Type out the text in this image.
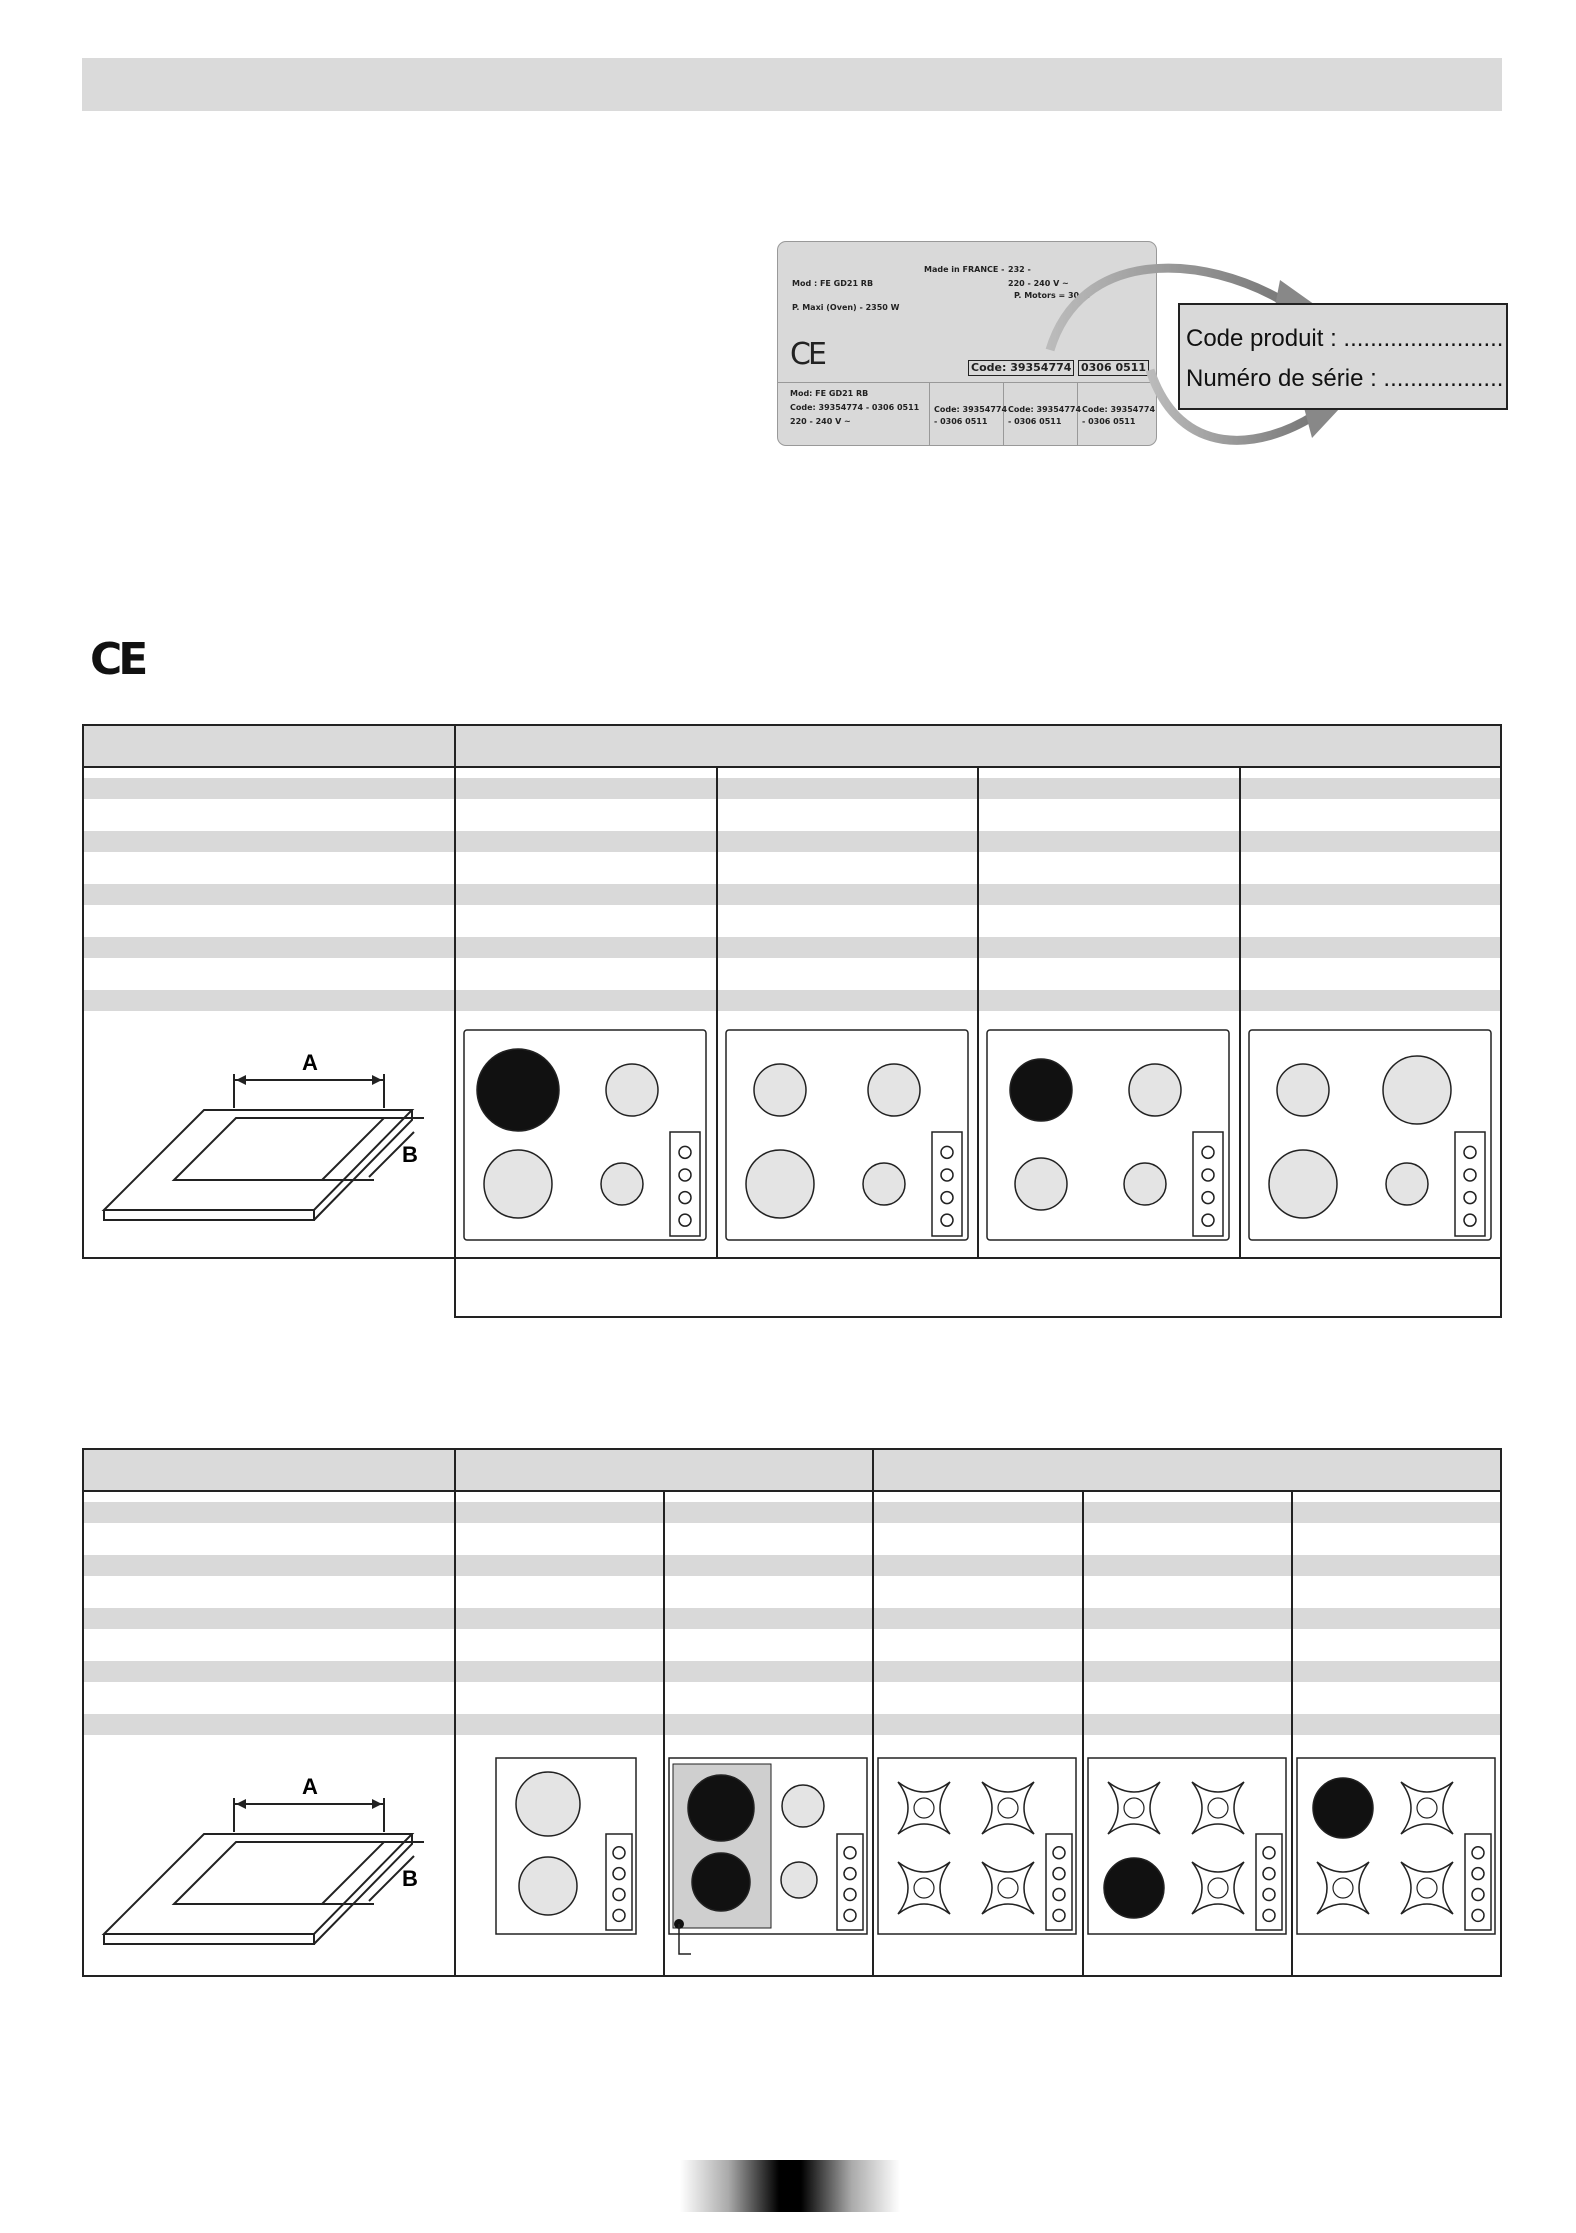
Made in FRANCE - 232 -
Mod : FE GD21 RB	220 - 240 V ~
P. Motors = 30 W
P. Maxi (Oven) - 2350 W
CE	Code: 39354774 0306 0511
Mod: FE GD21 RB
Code: 39354774 - 0306 0511
220 - 240 V ~
Code: 39354774
- 0306 0511
Code: 39354774
- 0306 0511
Code: 39354774
- 0306 0511
Code produit : ........................
Numéro de série : ..................
CE

A
B

A
B
